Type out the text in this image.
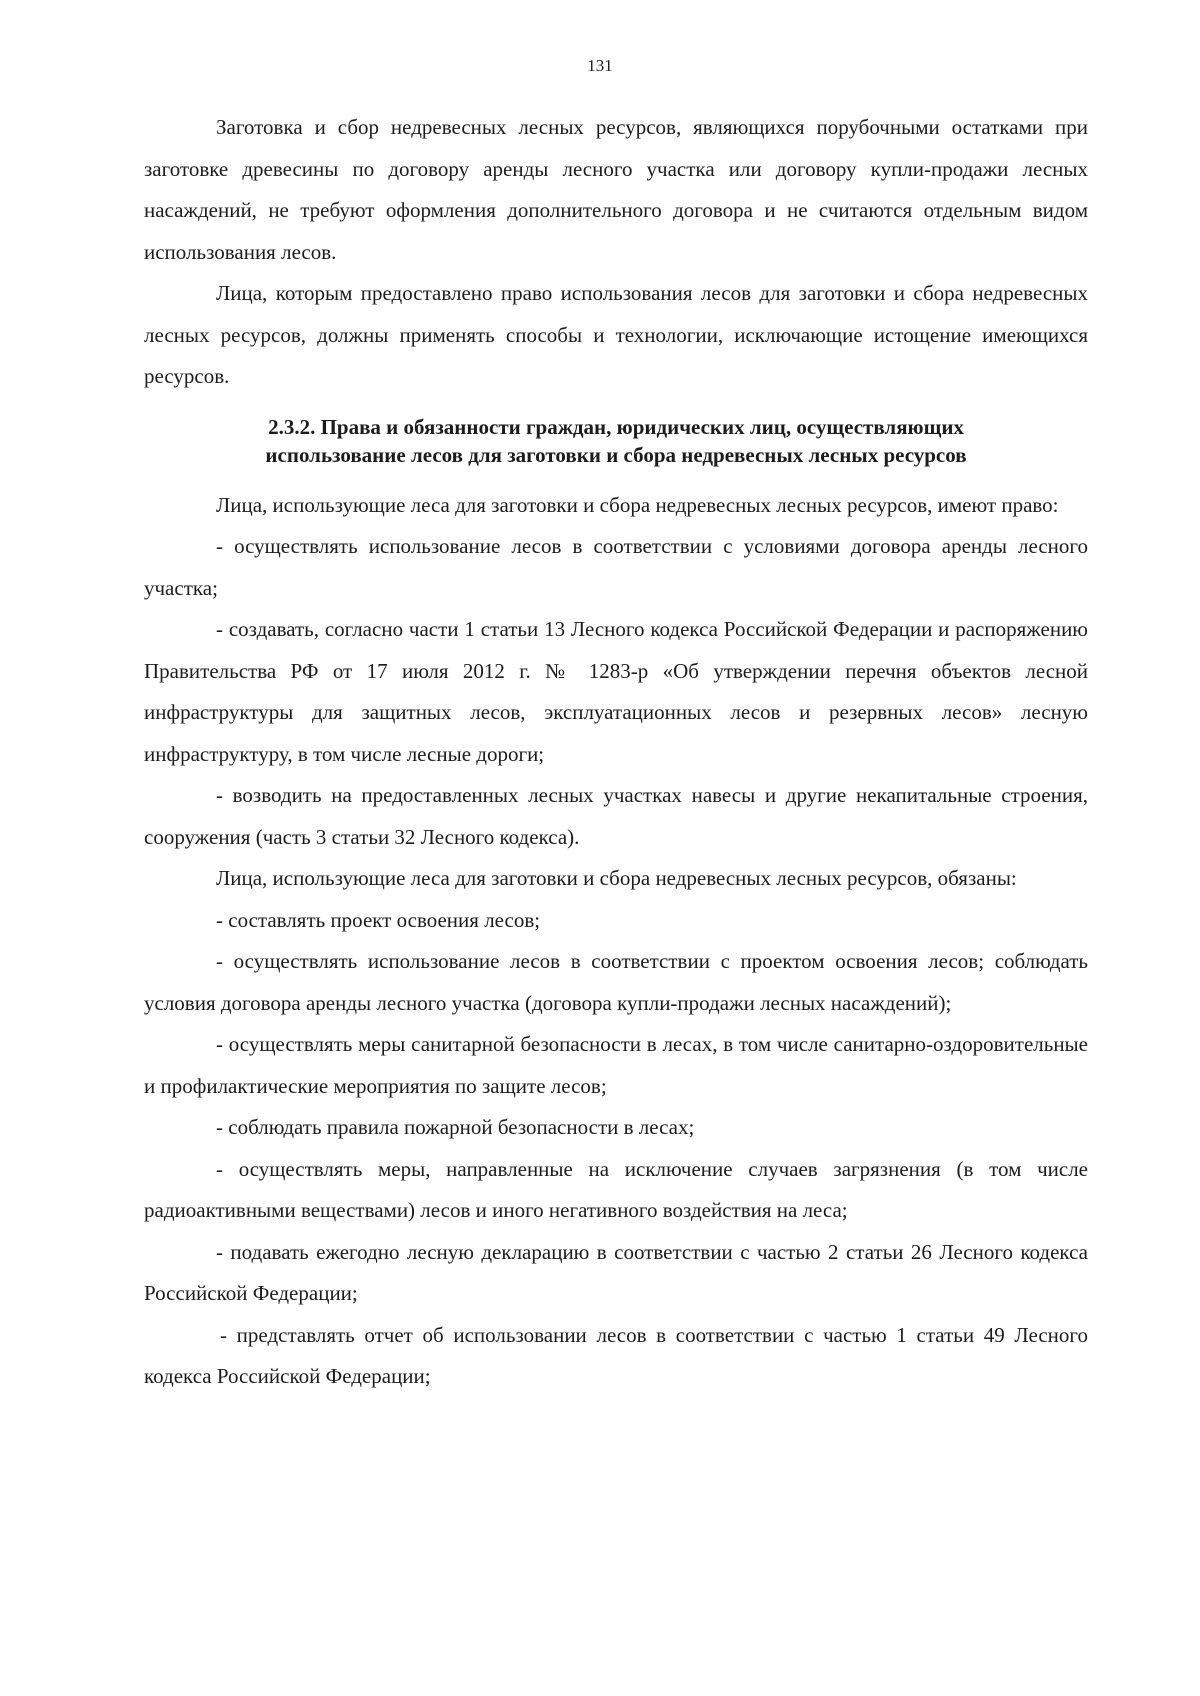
131

Заготовка и сбор недревесных лесных ресурсов, являющихся порубочными остатками при заготовке древесины по договору аренды лесного участка или договору купли-продажи лесных насаждений, не требуют оформления дополнительного договора и не считаются отдельным видом использования лесов.

Лица, которым предоставлено право использования лесов для заготовки и сбора недревесных лесных ресурсов, должны применять способы и технологии, исключающие истощение имеющихся ресурсов.

2.3.2. Права и обязанности граждан, юридических лиц, осуществляющих
использование лесов для заготовки и сбора недревесных лесных ресурсов

Лица, использующие леса для заготовки и сбора недревесных лесных ресурсов, имеют право:

- осуществлять использование лесов в соответствии с условиями договора аренды лесного участка;

- создавать, согласно части 1 статьи 13 Лесного кодекса Российской Федерации и распоряжению Правительства РФ от 17 июля 2012 г. № 1283-р «Об утверждении перечня объектов лесной инфраструктуры для защитных лесов, эксплуатационных лесов и резервных лесов» лесную инфраструктуру, в том числе лесные дороги;

- возводить на предоставленных лесных участках навесы и другие некапитальные строения, сооружения (часть 3 статьи 32 Лесного кодекса).

Лица, использующие леса для заготовки и сбора недревесных лесных ресурсов, обязаны:

- составлять проект освоения лесов;

- осуществлять использование лесов в соответствии с проектом освоения лесов; соблюдать условия договора аренды лесного участка (договора купли-продажи лесных насаждений);

- осуществлять меры санитарной безопасности в лесах, в том числе санитарно-оздоровительные и профилактические мероприятия по защите лесов;

- соблюдать правила пожарной безопасности в лесах;

- осуществлять меры, направленные на исключение случаев загрязнения (в том числе радиоактивными веществами) лесов и иного негативного воздействия на леса;

- подавать ежегодно лесную декларацию в соответствии с частью 2 статьи 26 Лесного кодекса Российской Федерации;

- представлять отчет об использовании лесов в соответствии с частью 1 статьи 49 Лесного кодекса Российской Федерации;
